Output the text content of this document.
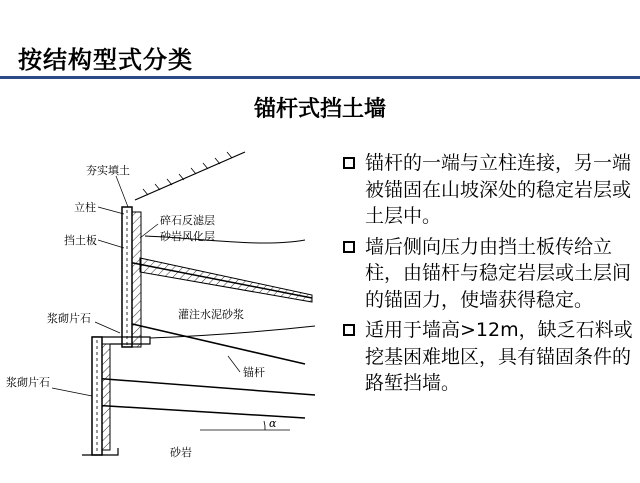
按结构型式分类
锚杆式挡土墙
夯实填土
立柱
挡土板
碎石反滤层
砂岩风化层
灌注水泥砂浆
浆砌片石
锚杆
浆砌片石
砂岩
α
锚杆的一端与立柱连接，另一端被锚固在山坡深处的稳定岩层或土层中。
墙后侧向压力由挡土板传给立柱，由锚杆与稳定岩层或土层间的锚固力，使墙获得稳定。
适用于墙高>12m，缺乏石料或挖基困难地区，具有锚固条件的路堑挡墙。
